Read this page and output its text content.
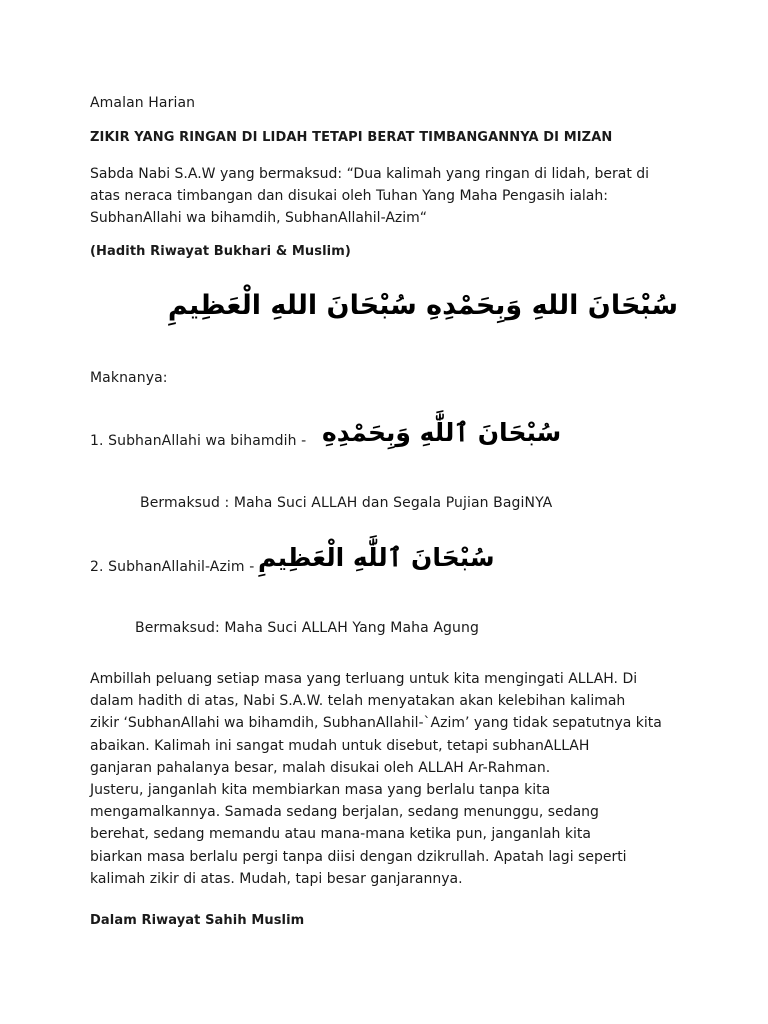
Amalan Harian
ZIKIR YANG RINGAN DI LIDAH TETAPI BERAT TIMBANGANNYA DI MIZAN
Sabda Nabi S.A.W yang bermaksud: “Dua kalimah yang ringan di lidah, berat di
atas neraca timbangan dan disukai oleh Tuhan Yang Maha Pengasih ialah:
SubhanAllahi wa bihamdih, SubhanAllahil-Azim“
(Hadith Riwayat Bukhari & Muslim)
سُبْحَانَ اللهِ وَبِحَمْدِهِ سُبْحَانَ اللهِ الْعَظِيمِ
Maknanya:
1. SubhanAllahi wa bihamdih - سُبْحَانَ ٱللَّٰهِ وَبِحَمْدِهِ
Bermaksud : Maha Suci ALLAH dan Segala Pujian BagiNYA
2. SubhanAllahil-Azim - سُبْحَانَ ٱللَّٰهِ الْعَظِيمِ
Bermaksud: Maha Suci ALLAH Yang Maha Agung
Ambillah peluang setiap masa yang terluang untuk kita mengingati ALLAH. Di
dalam hadith di atas, Nabi S.A.W. telah menyatakan akan kelebihan kalimah
zikir ‘SubhanAllahi wa bihamdih, SubhanAllahil-`Azim’ yang tidak sepatutnya kita
abaikan. Kalimah ini sangat mudah untuk disebut, tetapi subhanALLAH
ganjaran pahalanya besar, malah disukai oleh ALLAH Ar-Rahman.
Justeru, janganlah kita membiarkan masa yang berlalu tanpa kita
mengamalkannya. Samada sedang berjalan, sedang menunggu, sedang
berehat, sedang memandu atau mana-mana ketika pun, janganlah kita
biarkan masa berlalu pergi tanpa diisi dengan dzikrullah. Apatah lagi seperti
kalimah zikir di atas. Mudah, tapi besar ganjarannya.
Dalam Riwayat Sahih Muslim
